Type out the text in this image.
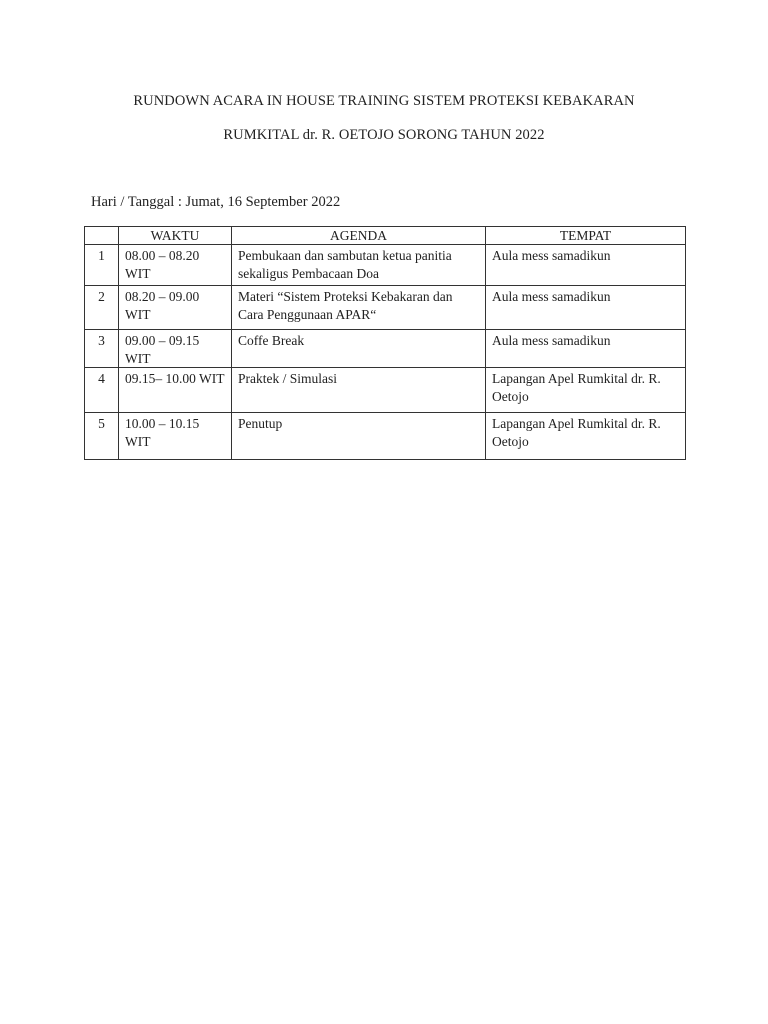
RUNDOWN ACARA IN HOUSE TRAINING SISTEM PROTEKSI KEBAKARAN
RUMKITAL dr. R. OETOJO SORONG TAHUN 2022
Hari / Tanggal : Jumat, 16 September 2022
	WAKTU	AGENDA	TEMPAT
1	08.00 – 08.20 WIT	Pembukaan dan sambutan ketua panitia sekaligus Pembacaan Doa	Aula mess samadikun
2	08.20 – 09.00 WIT	Materi “Sistem Proteksi Kebakaran dan Cara Penggunaan APAR“	Aula mess samadikun
3	09.00 – 09.15 WIT	Coffe Break	Aula mess samadikun
4	09.15– 10.00 WIT	Praktek / Simulasi	Lapangan Apel Rumkital dr. R. Oetojo
5	10.00 – 10.15 WIT	Penutup	Lapangan Apel Rumkital dr. R. Oetojo
